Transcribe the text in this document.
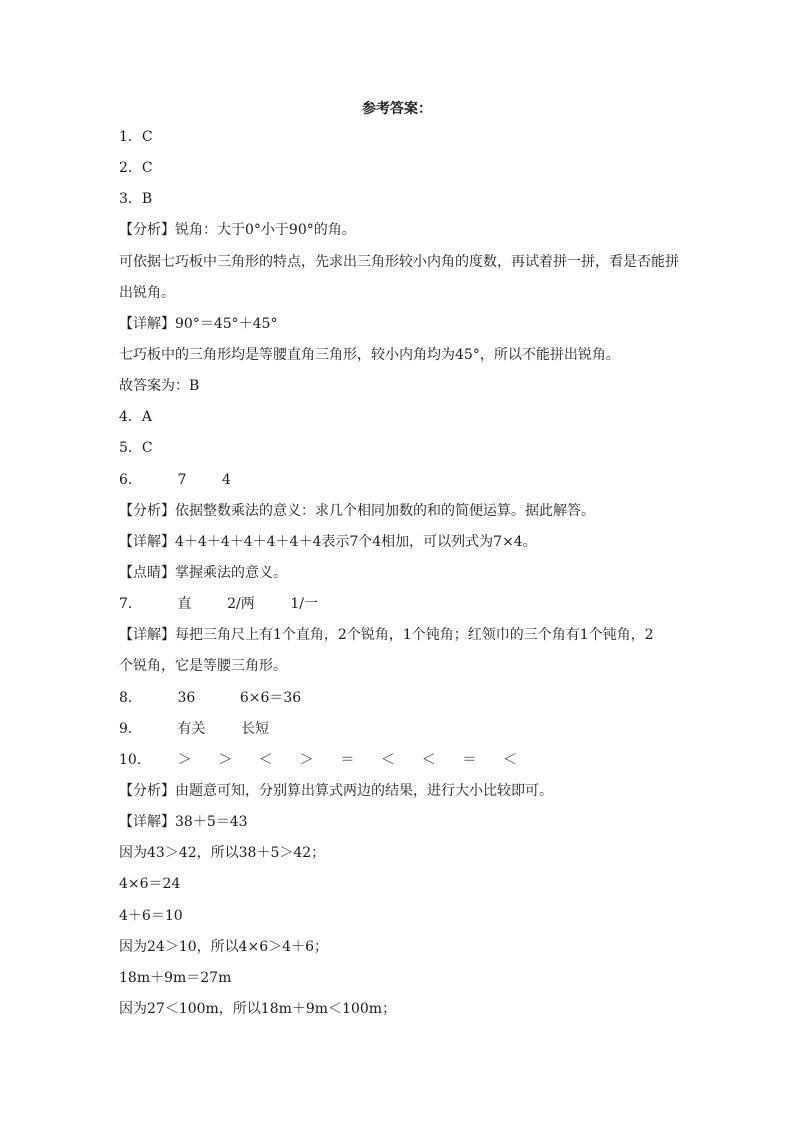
参考答案：
1．C
2．C
3．B
【分析】锐角：大于0°小于90°的角。
可依据七巧板中三角形的特点，先求出三角形较小内角的度数，再试着拼一拼，看是否能拼
出锐角。
【详解】90°＝45°＋45°
七巧板中的三角形均是等腰直角三角形，较小内角均为45°，所以不能拼出锐角。
故答案为：B
4．A
5．C
6．        7        4
【分析】依据整数乘法的意义：求几个相同加数的和的简便运算。据此解答。
【详解】4＋4＋4＋4＋4＋4＋4表示7个4相加，可以列式为7×4。
【点睛】掌握乘法的意义。
7．        直        2/两        1/一
【详解】每把三角尺上有1个直角，2个锐角，1个钝角；红领巾的三个角有1个钝角，2
个锐角，它是等腰三角形。
8．        36          6×6＝36
9．        有关        长短
10．      ＞      ＞      ＜      ＞      ＝      ＜      ＜      ＝      ＜
【分析】由题意可知，分别算出算式两边的结果，进行大小比较即可。
【详解】38＋5＝43
因为43＞42，所以38＋5＞42；
4×6＝24
4＋6＝10
因为24＞10，所以4×6＞4＋6；
18m＋9m＝27m
因为27＜100m，所以18m＋9m＜100m；
